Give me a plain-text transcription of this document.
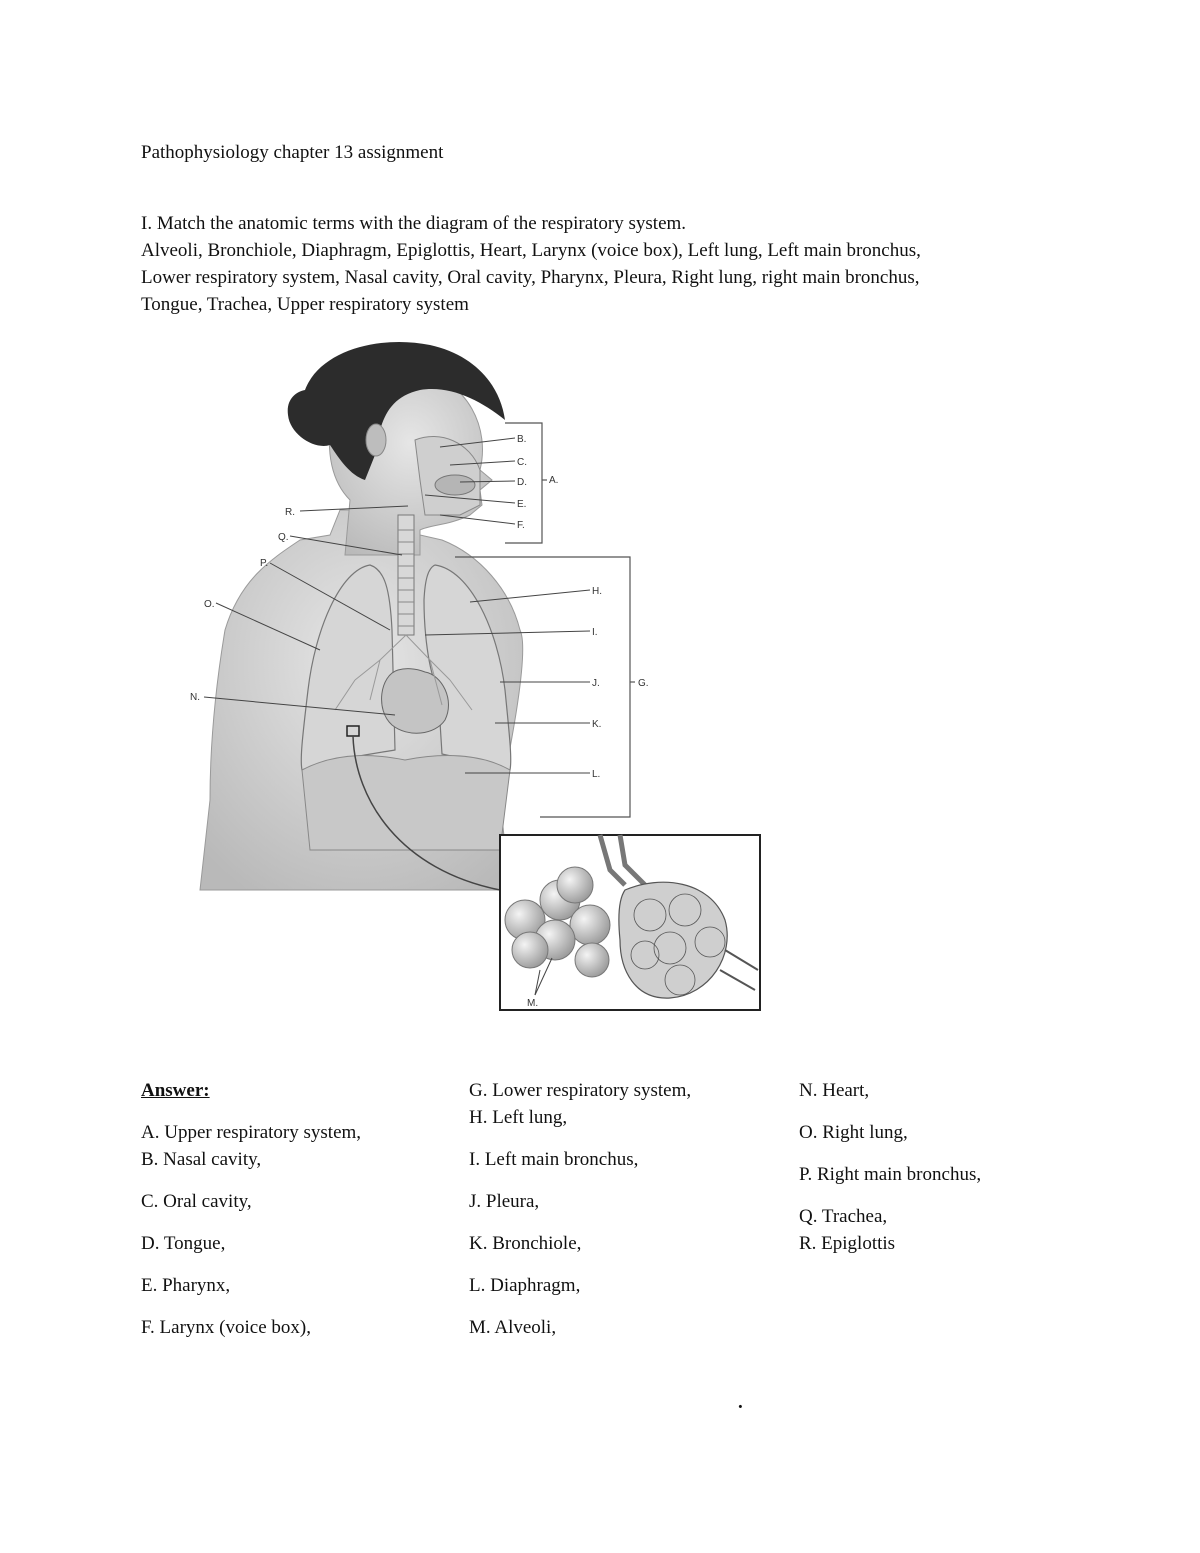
Pathophysiology chapter 13 assignment
I. Match the anatomic terms with the diagram of the respiratory system.
Alveoli, Bronchiole, Diaphragm, Epiglottis, Heart, Larynx (voice box), Left lung, Left main bronchus,
Lower respiratory system, Nasal cavity, Oral cavity, Pharynx, Pleura, Right lung, right main bronchus,
Tongue, Trachea, Upper respiratory system
B.
C.
D.
E.
F.
A.
R.
Q.
P.
O.
N.
H.
I.
J.
K.
L.
G.
M.
Answer:
A. Upper respiratory system,
B. Nasal cavity,
C. Oral cavity,
D. Tongue,
E. Pharynx,
F. Larynx (voice box),
G. Lower respiratory system,
H. Left lung,
I. Left main bronchus,
J. Pleura,
K. Bronchiole,
L. Diaphragm,
M. Alveoli,
N. Heart,
O. Right lung,
P. Right main bronchus,
Q. Trachea,
R. Epiglottis
.
